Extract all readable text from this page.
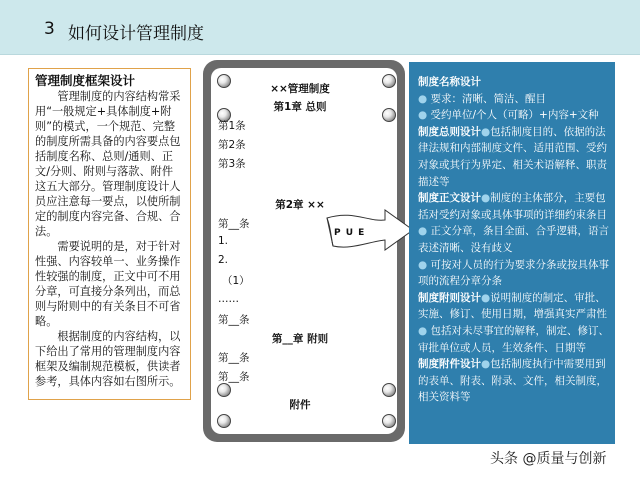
3 如何设计管理制度
管理制度框架设计

管理制度的内容结构常采用“一般规定+具体制度+附则”的模式，一个规范、完整的制度所需具备的内容要点包括制度名称、总则/通则、正文/分则、附则与落款、附件这五大部分。管理制度设计人员应注意每一要点，以使所制定的制度内容完备、合规、合法。

需要说明的是，对于针对性强、内容较单一、业务操作性较强的制度，正文中可不用分章，可直接分条列出，而总则与附则中的有关条目不可省略。

根据制度的内容结构，以下给出了常用的管理制度内容框架及编制规范模板，供读者参考，具体内容如右图所示。

××管理制度
第1章 总则
第1条
第2条
第3条
第2章 ××
第__条
1.
2.
（1）
……
第__条
第__章 附则
第__条
第__条
附件
P U E
制度名称设计
● 要求：清晰、简洁、醒目
● 受约单位/个人（可略）+内容+文种
制度总则设计●包括制度目的、依据的法律法规和内部制度文件、适用范围、受约对象或其行为界定、相关术语解释、职责描述等
制度正文设计●制度的主体部分，主要包括对受约对象或具体事项的详细约束条目
● 正文分章，条目全面、合乎逻辑，语言表述清晰、没有歧义
● 可按对人员的行为要求分条或按具体事项的流程分章分条
制度附则设计●说明制度的制定、审批、实施、修订、使用日期，增强真实严肃性
● 包括对未尽事宜的解释，制定、修订、审批单位或人员，生效条件、日期等
制度附件设计●包括制度执行中需要用到的表单、附表、附录、文件，相关制度，相关资料等
头条 @质量与创新
